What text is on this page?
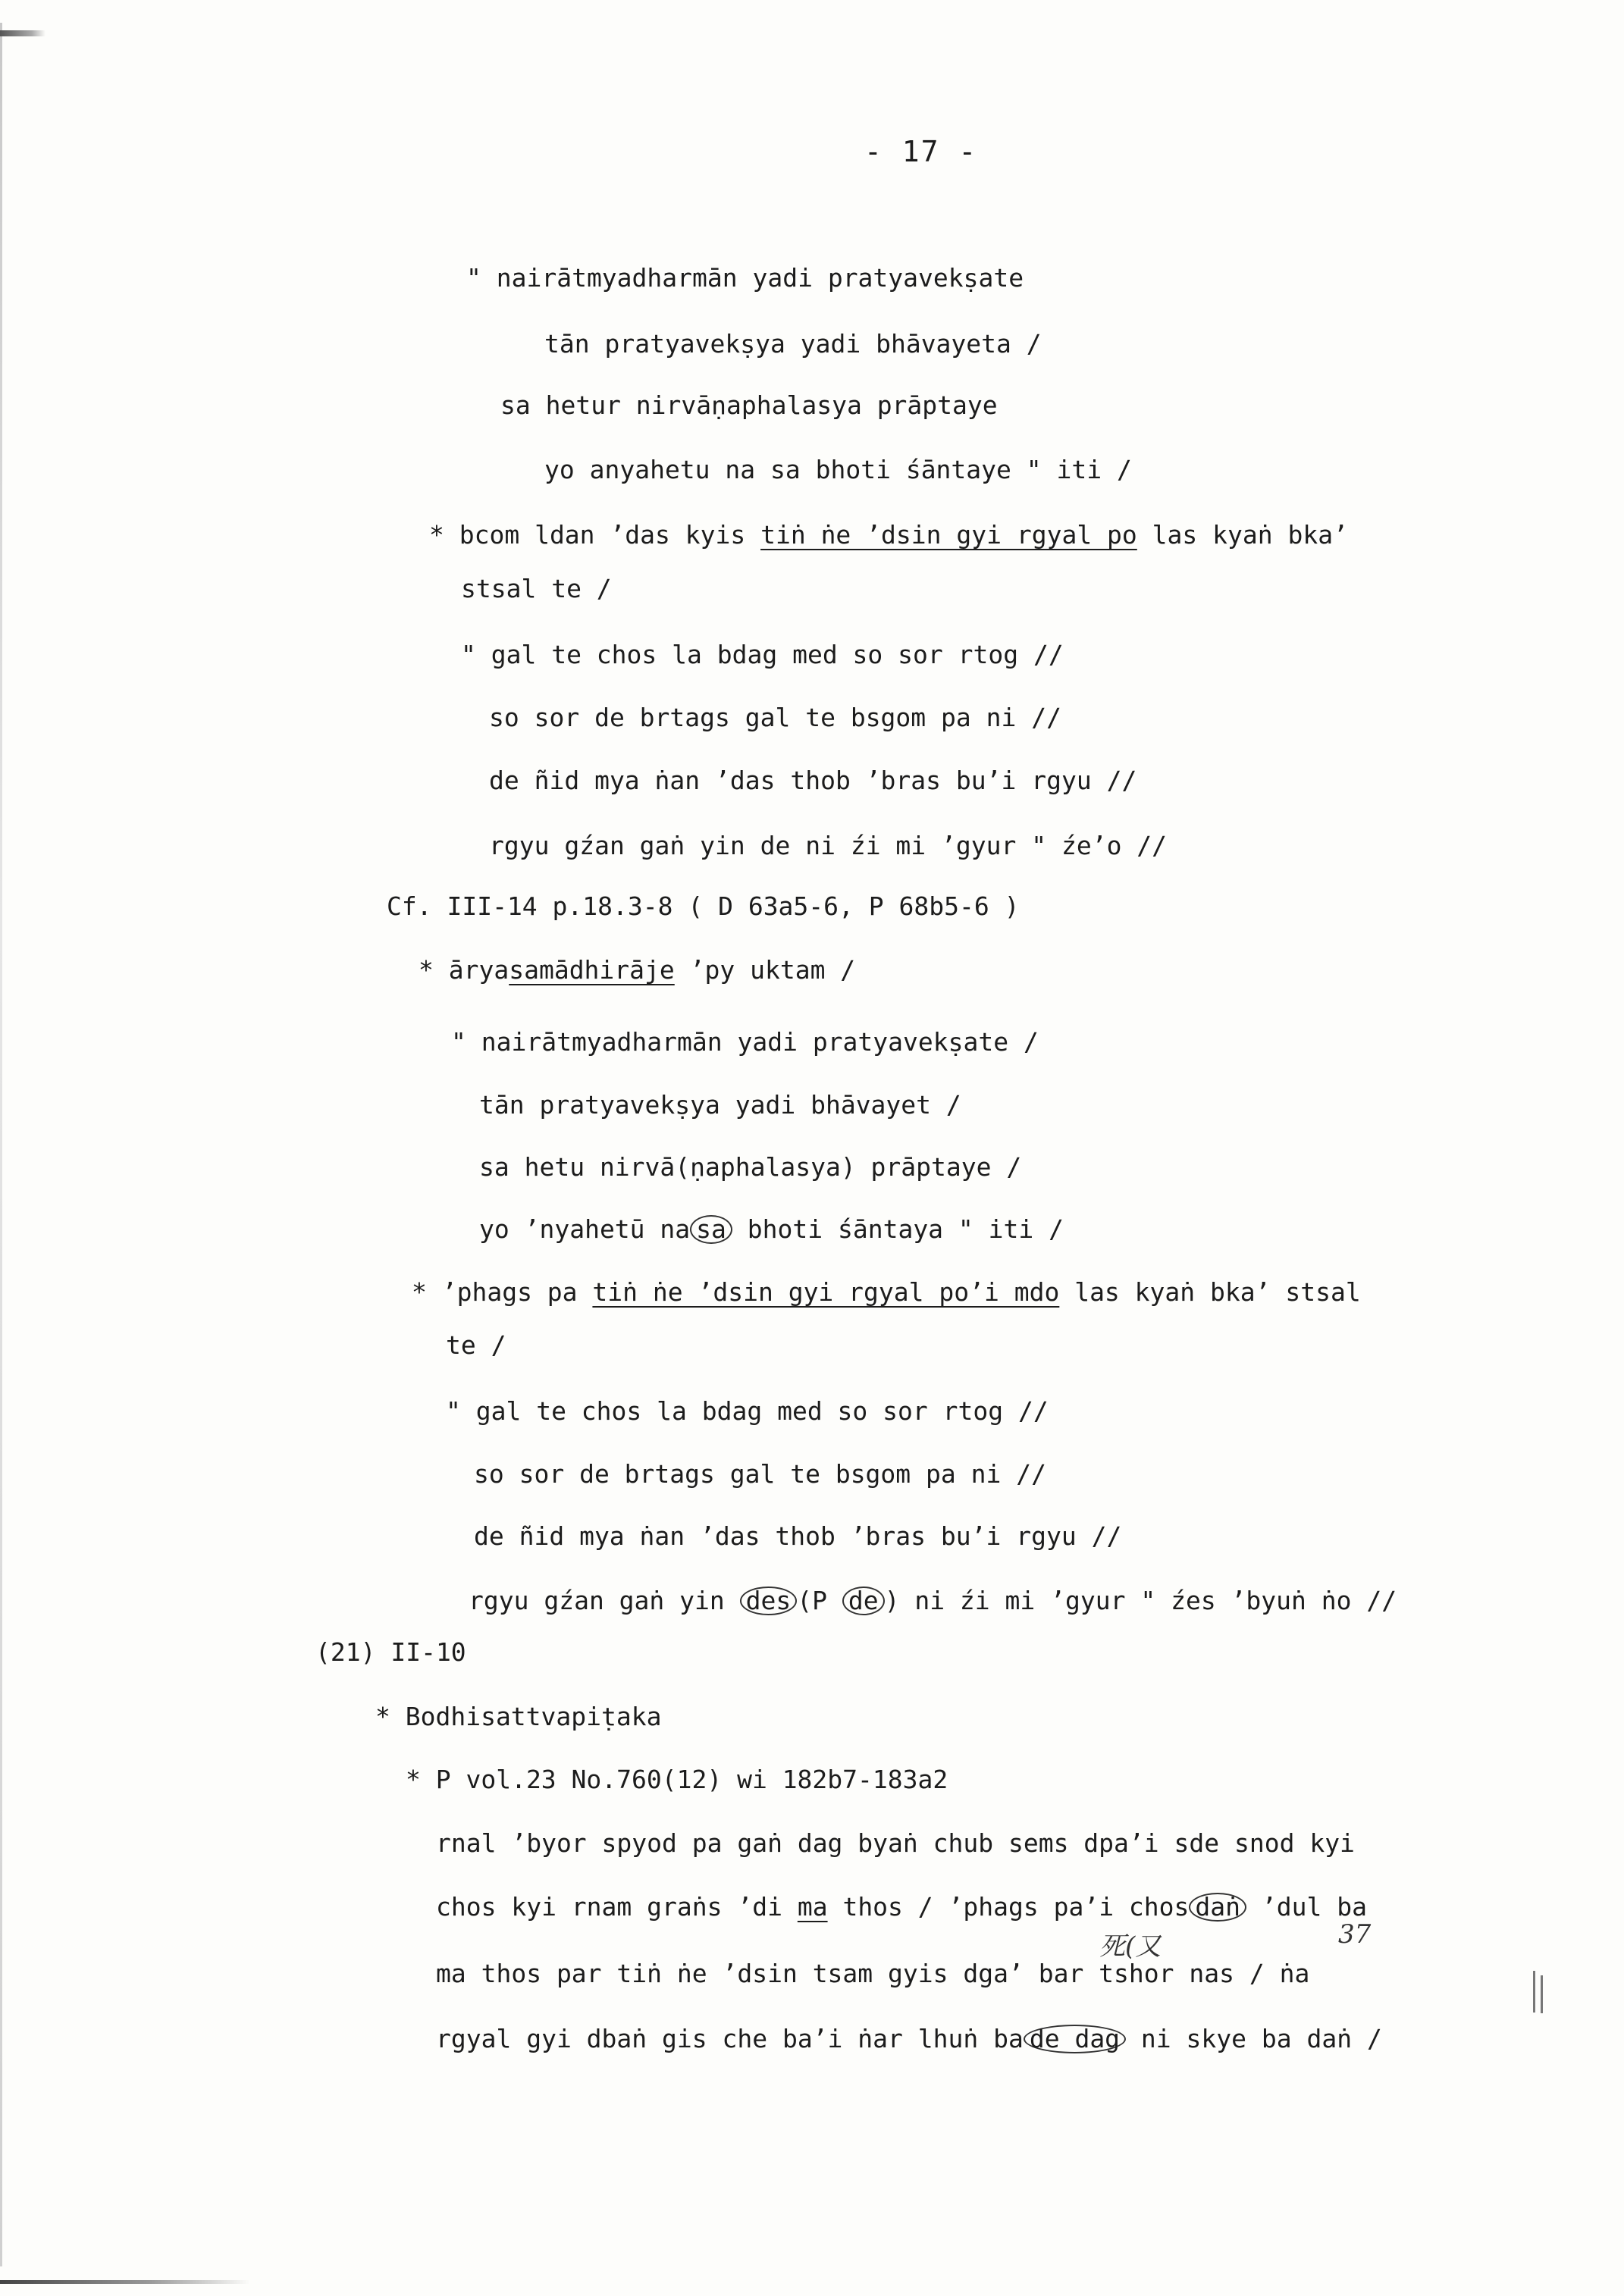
- 17 -
" nairātmyadharmān yadi pratyavekṣate
tān pratyavekṣya yadi bhāvayeta /
sa hetur nirvāṇaphalasya prāptaye
yo anyahetu na sa bhoti śāntaye " iti /
* bcom ldan ʼdas kyis tiṅ ṅe ʼdsin gyi rgyal po las kyaṅ bkaʼ
stsal te /
" gal te chos la bdag med so sor rtog //
so sor de brtags gal te bsgom pa ni //
de ñid mya ṅan ʼdas thob ʼbras buʼi rgyu //
rgyu gźan gaṅ yin de ni źi mi ʼgyur " źeʼo //
Cf. III-14 p.18.3-8 ( D 63a5-6, P 68b5-6 )
* āryasamādhirāje ʼpy uktam /
" nairātmyadharmān yadi pratyavekṣate /
tān pratyavekṣya yadi bhāvayet /
sa hetu nirvā(ṇaphalasya) prāptaye /
yo ʼnyahetū na sa bhoti śāntaya " iti /
* ʼphags pa tiṅ ṅe ʼdsin gyi rgyal poʼi mdo las kyaṅ bkaʼ stsal
te /
" gal te chos la bdag med so sor rtog //
so sor de brtags gal te bsgom pa ni //
de ñid mya ṅan ʼdas thob ʼbras buʼi rgyu //
rgyu gźan gaṅ yin des (P de ) ni źi mi ʼgyur " źes ʼbyuṅ ṅo //
(21) II-10
* Bodhisattvapiṭaka
* P vol.23 No.760(12) wi 182b7-183a2
rnal ʼbyor spyod pa gaṅ dag byaṅ chub sems dpaʼi sde snod kyi
chos kyi rnam graṅs ʼdi ma thos / ʼphags paʼi chos daṅ ʼdul ba
ma thos par tiṅ ṅe ʼdsin tsam gyis dgaʼ bar tshor nas / ṅa
rgyal gyi dbaṅ gis che baʼi ṅar lhuṅ ba de dag ni skye ba daṅ /
死(又	37
